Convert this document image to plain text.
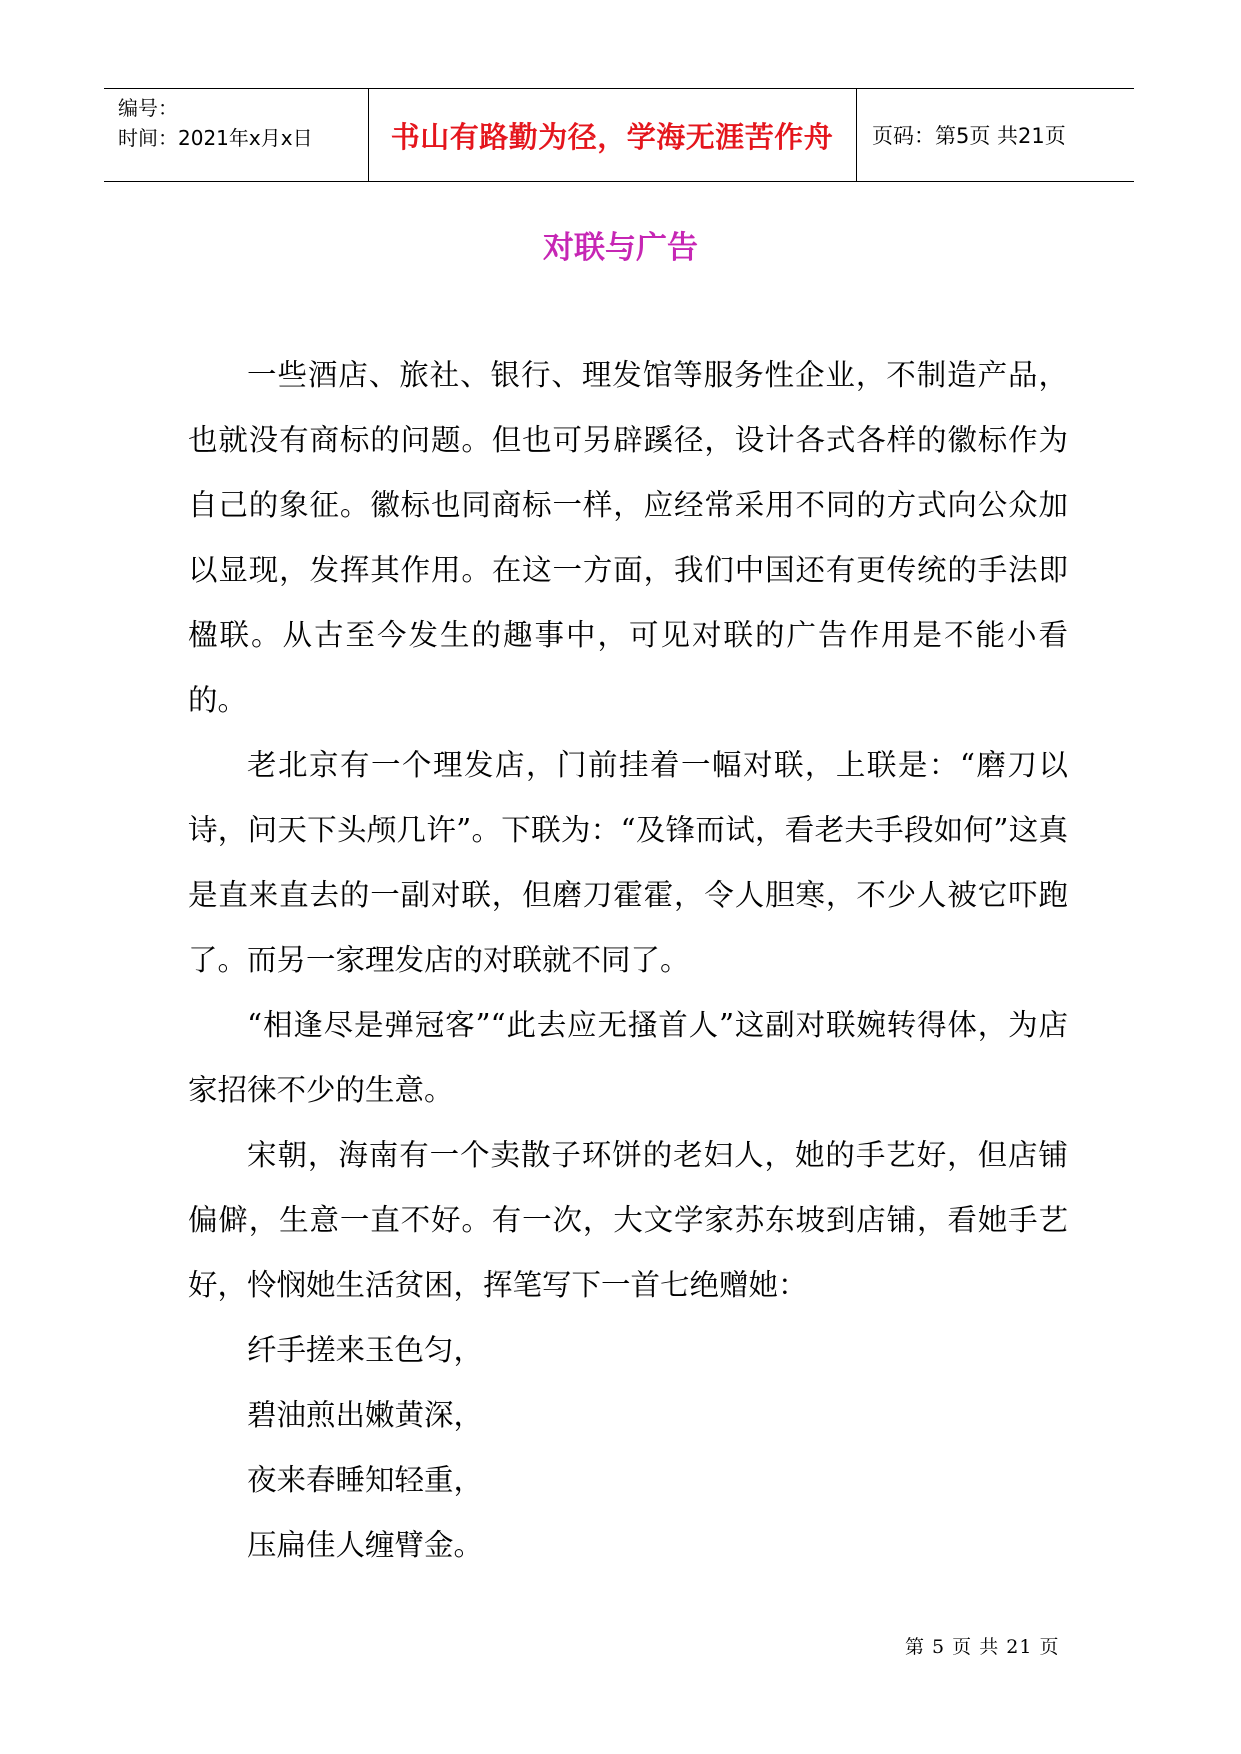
编号：
时间：2021年x月x日	书山有路勤为径，学海无涯苦作舟	页码：第5页 共21页
对联与广告

一些酒店、旅社、银行、理发馆等服务性企业，不制造产品，也就没有商标的问题。但也可另辟蹊径，设计各式各样的徽标作为自己的象征。徽标也同商标一样，应经常采用不同的方式向公众加以显现，发挥其作用。在这一方面，我们中国还有更传统的手法即楹联。从古至今发生的趣事中，可见对联的广告作用是不能小看的。

老北京有一个理发店，门前挂着一幅对联，上联是：“磨刀以诗，问天下头颅几许”。下联为：“及锋而试，看老夫手段如何”这真是直来直去的一副对联，但磨刀霍霍，令人胆寒，不少人被它吓跑了。而另一家理发店的对联就不同了。

“相逢尽是弹冠客”“此去应无搔首人”这副对联婉转得体，为店家招徕不少的生意。

宋朝，海南有一个卖散子环饼的老妇人，她的手艺好，但店铺偏僻，生意一直不好。有一次，大文学家苏东坡到店铺，看她手艺好，怜悯她生活贫困，挥笔写下一首七绝赠她：

纤手搓来玉色匀，

碧油煎出嫩黄深，

夜来春睡知轻重，

压扁佳人缠臂金。

第 5 页 共 21 页
